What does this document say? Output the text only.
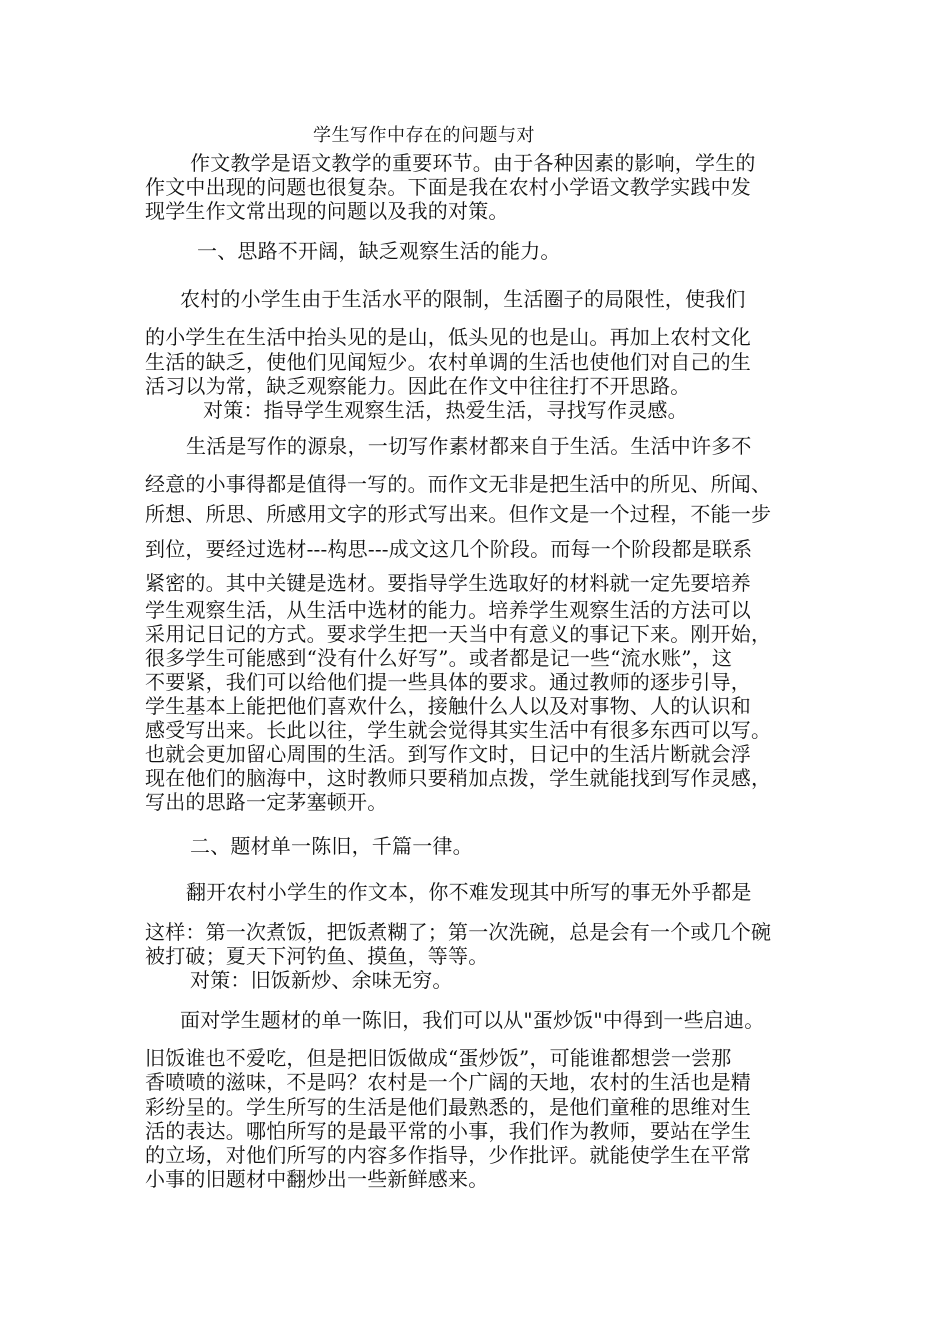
学生写作中存在的问题与对
作文教学是语文教学的重要环节。由于各种因素的影响，学生的
作文中出现的问题也很复杂。下面是我在农村小学语文教学实践中发
现学生作文常出现的问题以及我的对策。
一、思路不开阔，缺乏观察生活的能力。
农村的小学生由于生活水平的限制，生活圈子的局限性，使我们
的小学生在生活中抬头见的是山，低头见的也是山。再加上农村文化
生活的缺乏，使他们见闻短少。农村单调的生活也使他们对自己的生
活习以为常，缺乏观察能力。因此在作文中往往打不开思路。
对策：指导学生观察生活，热爱生活，寻找写作灵感。
生活是写作的源泉，一切写作素材都来自于生活。生活中许多不
经意的小事得都是值得一写的。而作文无非是把生活中的所见、所闻、
所想、所思、所感用文字的形式写出来。但作文是一个过程，不能一步
到位，要经过选材---构思---成文这几个阶段。而每一个阶段都是联系
紧密的。其中关键是选材。要指导学生选取好的材料就一定先要培养
学生观察生活，从生活中选材的能力。培养学生观察生活的方法可以
采用记日记的方式。要求学生把一天当中有意义的事记下来。刚开始，
很多学生可能感到“没有什么好写”。或者都是记一些“流水账”，这
不要紧，我们可以给他们提一些具体的要求。通过教师的逐步引导，
学生基本上能把他们喜欢什么，接触什么人以及对事物、人的认识和
感受写出来。长此以往，学生就会觉得其实生活中有很多东西可以写。
也就会更加留心周围的生活。到写作文时，日记中的生活片断就会浮
现在他们的脑海中，这时教师只要稍加点拨，学生就能找到写作灵感，
写出的思路一定茅塞顿开。
二、题材单一陈旧，千篇一律。
翻开农村小学生的作文本，你不难发现其中所写的事无外乎都是
这样：第一次煮饭，把饭煮糊了；第一次洗碗，总是会有一个或几个碗
被打破；夏天下河钓鱼、摸鱼，等等。
对策：旧饭新炒、余味无穷。
面对学生题材的单一陈旧，我们可以从"蛋炒饭"中得到一些启迪。
旧饭谁也不爱吃，但是把旧饭做成“蛋炒饭”，可能谁都想尝一尝那
香喷喷的滋味，不是吗？农村是一个广阔的天地，农村的生活也是精
彩纷呈的。学生所写的生活是他们最熟悉的，是他们童稚的思维对生
活的表达。哪怕所写的是最平常的小事，我们作为教师，要站在学生
的立场，对他们所写的内容多作指导，少作批评。就能使学生在平常
小事的旧题材中翻炒出一些新鲜感来。
